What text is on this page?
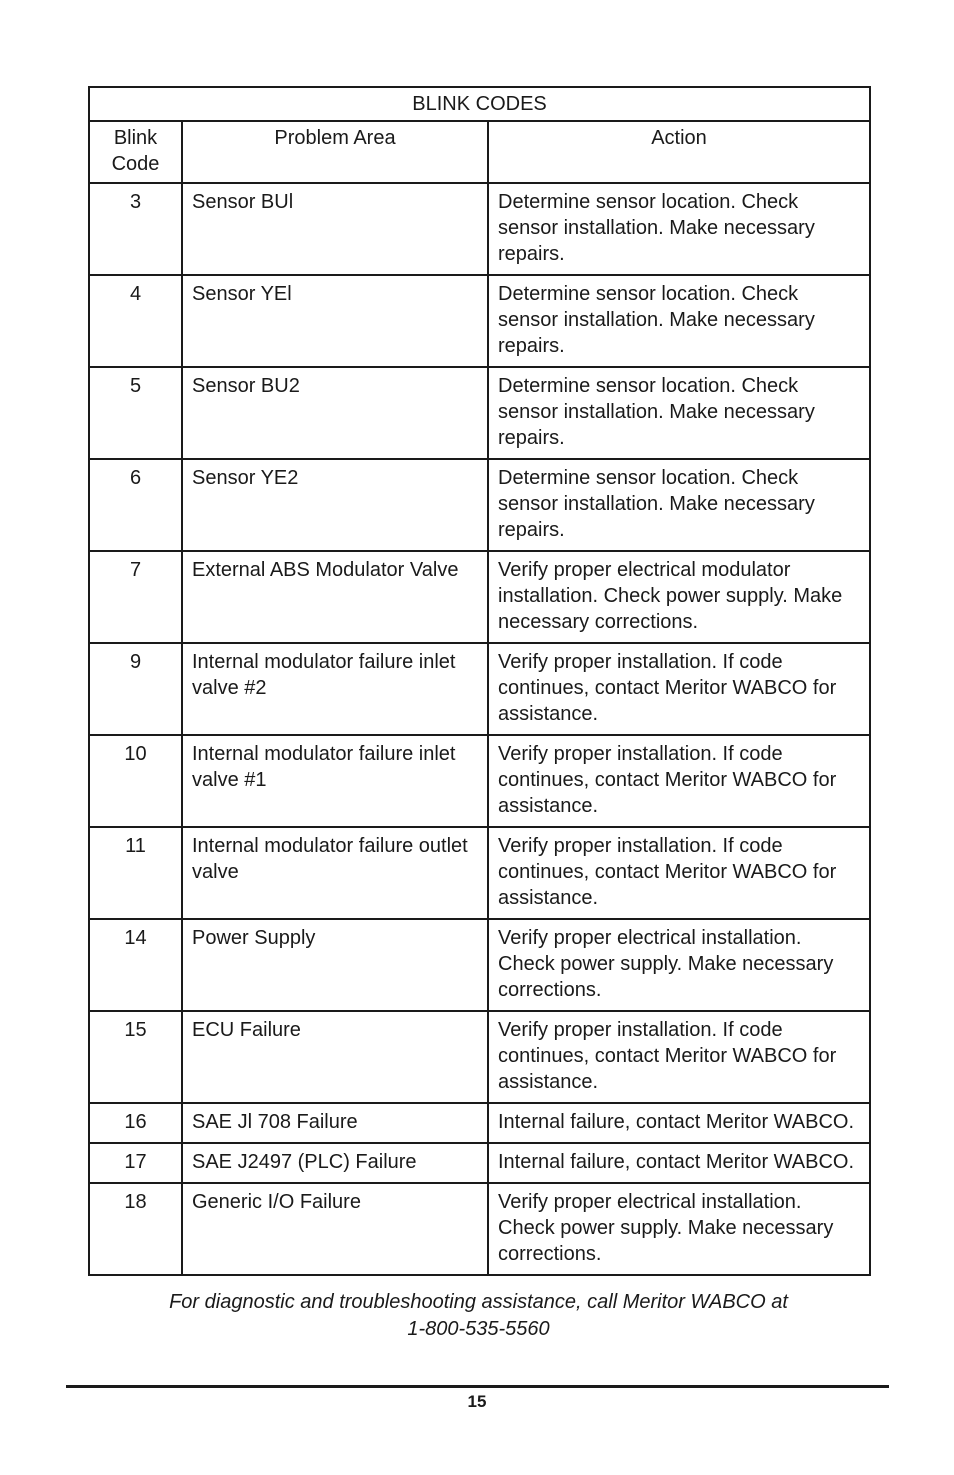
BLINK CODES		
Blink Code	Problem Area	Action
3	Sensor BUl	Determine sensor location. Check sensor installation. Make necessary repairs.
4	Sensor YEl	Determine sensor location. Check sensor installation. Make necessary repairs.
5	Sensor BU2	Determine sensor location. Check sensor installation. Make necessary repairs.
6	Sensor YE2	Determine sensor location. Check sensor installation. Make necessary repairs.
7	External ABS Modulator Valve	Verify proper electrical modulator installation. Check power supply. Make necessary corrections.
9	Internal modulator failure inlet valve #2	Verify proper installation. If code continues, contact Meritor WABCO for assistance.
10	Internal modulator failure inlet valve #1	Verify proper installation. If code continues, contact Meritor WABCO for assistance.
11	Internal modulator failure outlet valve	Verify proper installation. If code continues, contact Meritor WABCO for assistance.
14	Power Supply	Verify proper electrical installation. Check power supply. Make necessary corrections.
15	ECU Failure	Verify proper installation. If code continues, contact Meritor WABCO for assistance.
16	SAE Jl 708 Failure	Internal failure, contact Meritor WABCO.
17	SAE J2497 (PLC) Failure	Internal failure, contact Meritor WABCO.
18	Generic I/O Failure	Verify proper electrical installation. Check power supply. Make necessary corrections.
For diagnostic and troubleshooting assistance, call Meritor WABCO at
1-800-535-5560
15
